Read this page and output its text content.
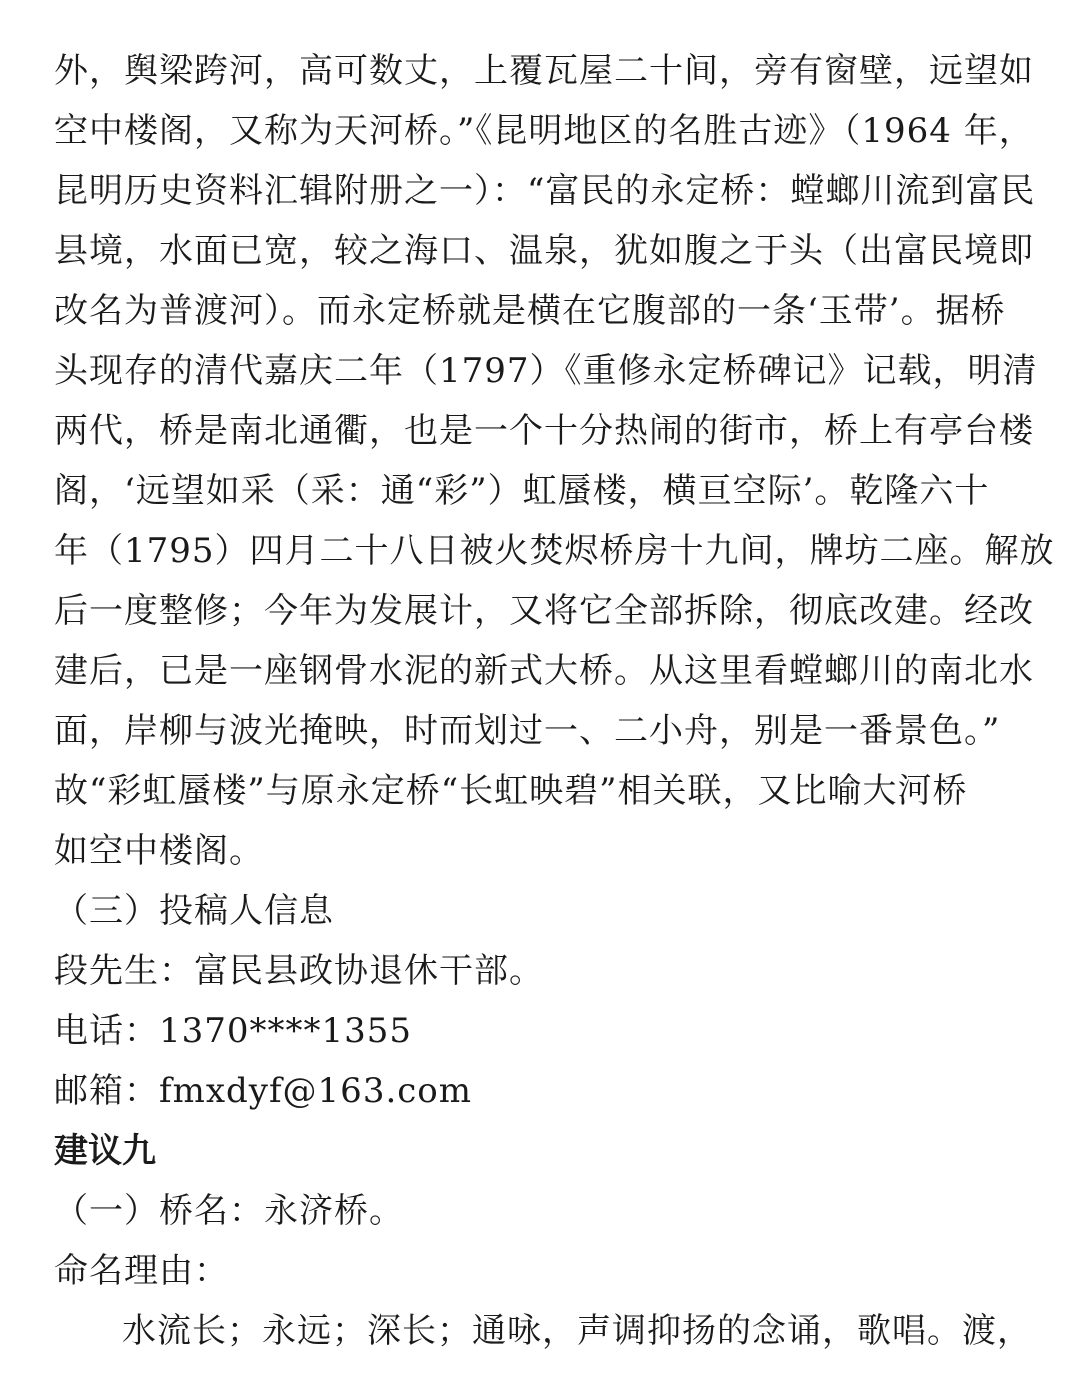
外，舆梁跨河，高可数丈，上覆瓦屋二十间，旁有窗壁，远望如
空中楼阁，又称为天河桥。”《昆明地区的名胜古迹》（1964 年，
昆明历史资料汇辑附册之一）：“富民的永定桥：螳螂川流到富民
县境，水面已宽，较之海口、温泉，犹如腹之于头（出富民境即
改名为普渡河）。而永定桥就是横在它腹部的一条‘玉带’。据桥
头现存的清代嘉庆二年（1797）《重修永定桥碑记》记载，明清
两代，桥是南北通衢，也是一个十分热闹的街市，桥上有亭台楼
阁，‘远望如采（采：通“彩”）虹蜃楼，横亘空际’。乾隆六十
年（1795）四月二十八日被火焚烬桥房十九间，牌坊二座。解放
后一度整修；今年为发展计，又将它全部拆除，彻底改建。经改
建后，已是一座钢骨水泥的新式大桥。从这里看螳螂川的南北水
面，岸柳与波光掩映，时而划过一、二小舟，别是一番景色。”
故“彩虹蜃楼”与原永定桥“长虹映碧”相关联，又比喻大河桥
如空中楼阁。
（三）投稿人信息
段先生：富民县政协退休干部。
电话：1370****1355
邮箱：fmxdyf@163.com
建议九
（一）桥名：永济桥。
命名理由：
水流长；永远；深长；通咏，声调抑扬的念诵，歌唱。渡，
